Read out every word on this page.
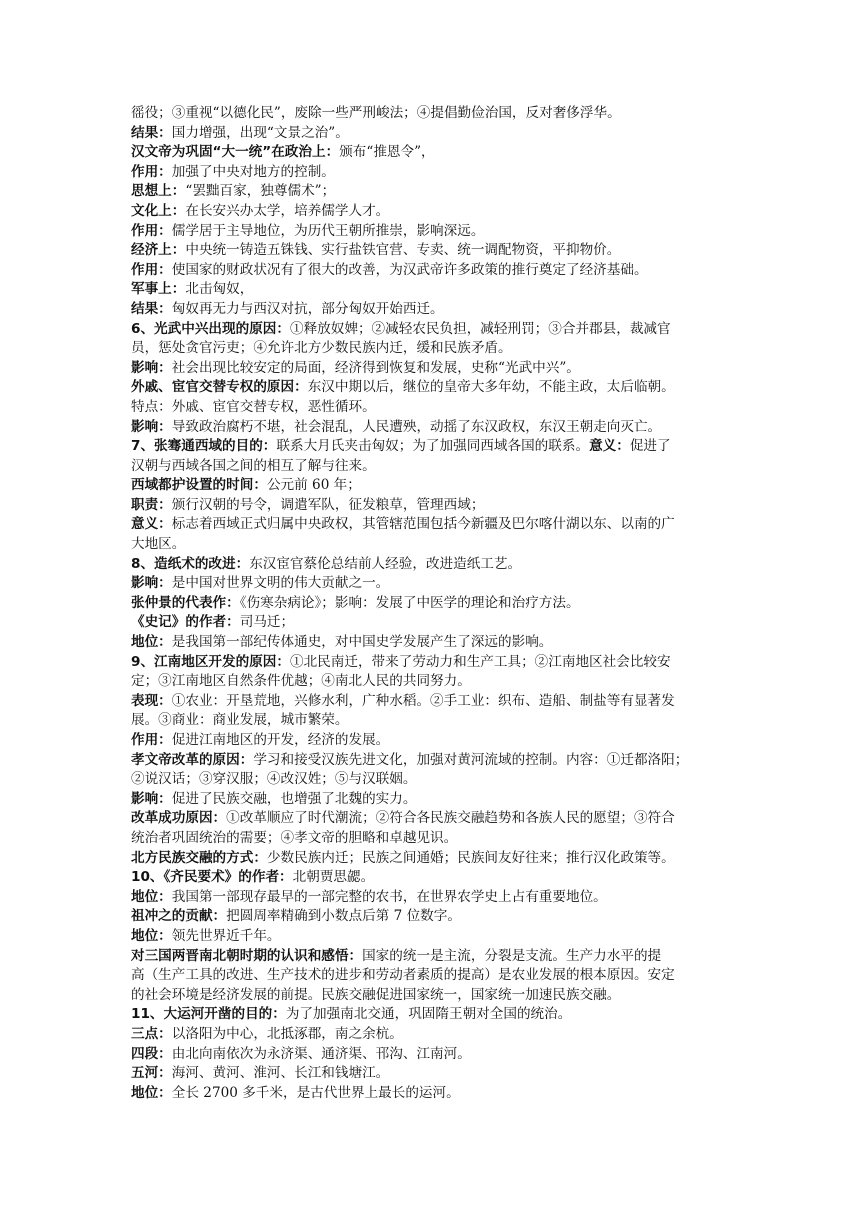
徭役；③重视“以德化民”，废除一些严刑峻法；④提倡勤俭治国，反对奢侈浮华。
结果：国力增强，出现“文景之治”。
汉文帝为巩固“大一统”在政治上：颁布“推恩令”，
作用：加强了中央对地方的控制。
思想上：“罢黜百家，独尊儒术”；
文化上：在长安兴办太学，培养儒学人才。
作用：儒学居于主导地位，为历代王朝所推崇，影响深远。
经济上：中央统一铸造五铢钱、实行盐铁官营、专卖、统一调配物资，平抑物价。
作用：使国家的财政状况有了很大的改善，为汉武帝许多政策的推行奠定了经济基础。
军事上：北击匈奴，
结果：匈奴再无力与西汉对抗，部分匈奴开始西迁。
6、光武中兴出现的原因：①释放奴婢；②减轻农民负担，减轻刑罚；③合并郡县，裁减官
员，惩处贪官污吏；④允许北方少数民族内迁，缓和民族矛盾。
影响：社会出现比较安定的局面，经济得到恢复和发展，史称“光武中兴”。
外戚、宦官交替专权的原因：东汉中期以后，继位的皇帝大多年幼，不能主政，太后临朝。
特点：外戚、宦官交替专权，恶性循环。
影响：导致政治腐朽不堪，社会混乱，人民遭殃，动摇了东汉政权，东汉王朝走向灭亡。
7、张骞通西域的目的：联系大月氏夹击匈奴；为了加强同西域各国的联系。意义：促进了
汉朝与西域各国之间的相互了解与往来。
西域都护设置的时间：公元前 60 年；
职责：颁行汉朝的号令，调遣军队，征发粮草，管理西域；
意义：标志着西域正式归属中央政权，其管辖范围包括今新疆及巴尔喀什湖以东、以南的广
大地区。
8、造纸术的改进：东汉宦官蔡伦总结前人经验，改进造纸工艺。
影响：是中国对世界文明的伟大贡献之一。
张仲景的代表作：《伤寒杂病论》；影响：发展了中医学的理论和治疗方法。
《史记》的作者：司马迁；
地位：是我国第一部纪传体通史，对中国史学发展产生了深远的影响。
9、江南地区开发的原因：①北民南迁，带来了劳动力和生产工具；②江南地区社会比较安
定；③江南地区自然条件优越；④南北人民的共同努力。
表现：①农业：开垦荒地，兴修水利，广种水稻。②手工业：织布、造船、制盐等有显著发
展。③商业：商业发展，城市繁荣。
作用：促进江南地区的开发，经济的发展。
孝文帝改革的原因：学习和接受汉族先进文化，加强对黄河流域的控制。内容：①迁都洛阳；
②说汉话；③穿汉服；④改汉姓；⑤与汉联姻。
影响：促进了民族交融，也增强了北魏的实力。
改革成功原因：①改革顺应了时代潮流；②符合各民族交融趋势和各族人民的愿望；③符合
统治者巩固统治的需要；④孝文帝的胆略和卓越见识。
北方民族交融的方式：少数民族内迁；民族之间通婚；民族间友好往来；推行汉化政策等。
10、《齐民要术》的作者：北朝贾思勰。
地位：我国第一部现存最早的一部完整的农书，在世界农学史上占有重要地位。
祖冲之的贡献：把圆周率精确到小数点后第 7 位数字。
地位：领先世界近千年。
对三国两晋南北朝时期的认识和感悟：国家的统一是主流，分裂是支流。生产力水平的提
高（生产工具的改进、生产技术的进步和劳动者素质的提高）是农业发展的根本原因。安定
的社会环境是经济发展的前提。民族交融促进国家统一，国家统一加速民族交融。
11、大运河开凿的目的：为了加强南北交通，巩固隋王朝对全国的统治。
三点：以洛阳为中心，北抵涿郡，南之余杭。
四段：由北向南依次为永济渠、通济渠、邗沟、江南河。
五河：海河、黄河、淮河、长江和钱塘江。
地位：全长 2700 多千米，是古代世界上最长的运河。
